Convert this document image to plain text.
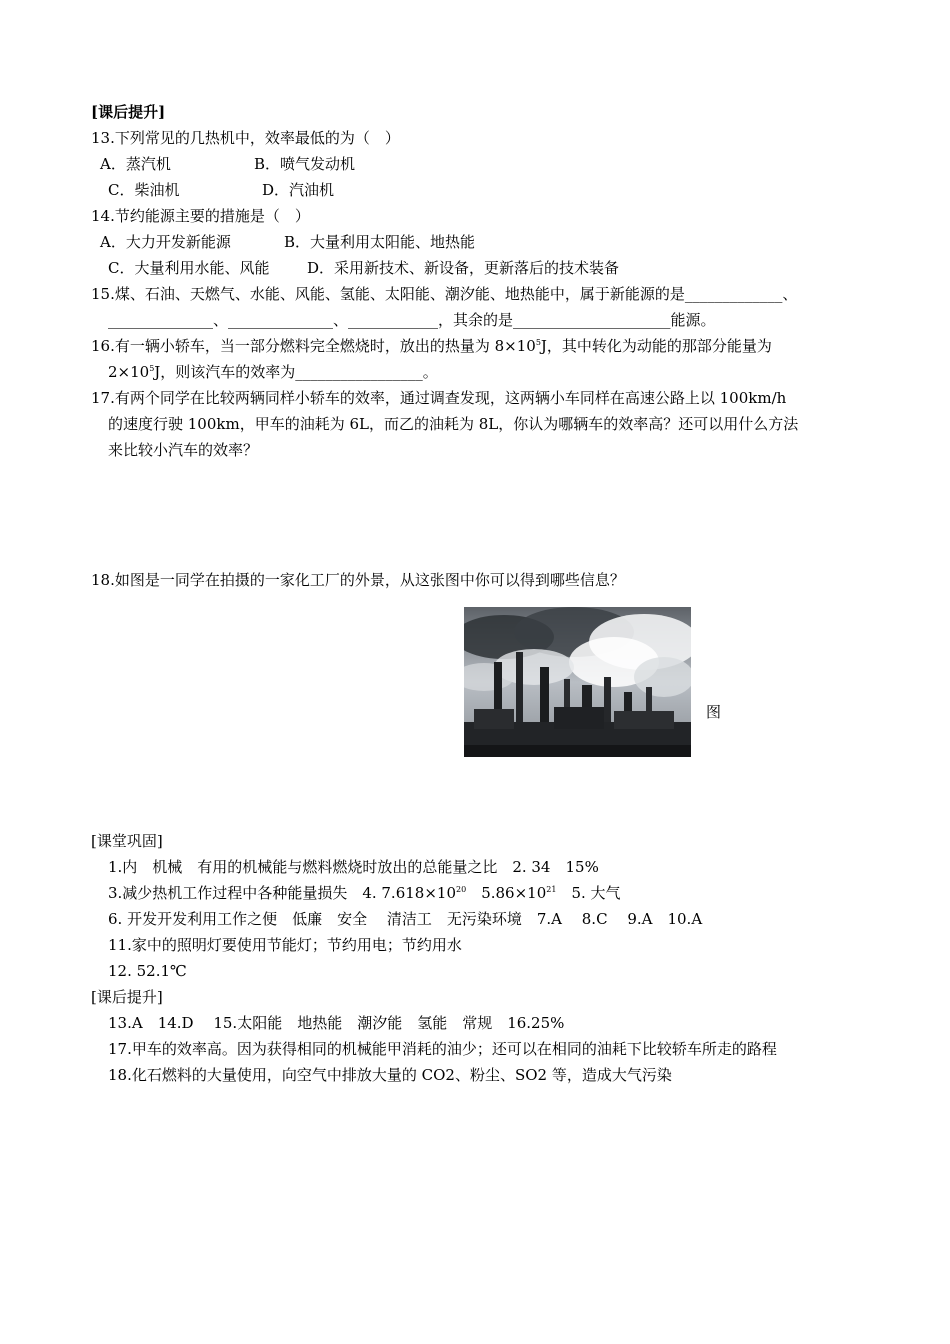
[课后提升]
13.下列常见的几热机中，效率最低的为（　）
A．蒸汽机	B．喷气发动机
C．柴油机	D．汽油机
14.节约能源主要的措施是（　）
A．大力开发新能源	B．大量利用太阳能、地热能
C．大量利用水能、风能	D．采用新技术、新设备，更新落后的技术装备
15.煤、石油、天燃气、水能、风能、氢能、太阳能、潮汐能、地热能中，属于新能源的是_____________、
______________、______________、____________，其余的是_____________________能源。
16.有一辆小轿车，当一部分燃料完全燃烧时，放出的热量为 $8\times 10^5J$，其中转化为动能的那部分能量为
$2\times 10^5J$，则该汽车的效率为_________________。
17.有两个同学在比较两辆同样小轿车的效率，通过调查发现，这两辆小车同样在高速公路上以 100km/h
的速度行驶 100km，甲车的油耗为 6L，而乙的油耗为 8L，你认为哪辆车的效率高？还可以用什么方法
来比较小汽车的效率？
18.如图是一同学在拍摄的一家化工厂的外景，从这张图中你可以得到哪些信息？
图
[课堂巩固]
1.内　机械　有用的机械能与燃料燃烧时放出的总能量之比　2. 34　15%
3.减少热机工作过程中各种能量损失　4. $7.618\times 10^{20}$　$5.86\times 10^{21}$　5. 大气
6. 开发开发利用工作之便　低廉　安全　 清洁工　无污染环境　7.A　 8.C　 9.A　10.A
11.家中的照明灯要使用节能灯；节约用电；节约用水
12. 52.1℃
[课后提升]
13.A　14.D　 15.太阳能　地热能　潮汐能　氢能　常规　16.25%
17.甲车的效率高。因为获得相同的机械能甲消耗的油少；还可以在相同的油耗下比较轿车所走的路程
18.化石燃料的大量使用，向空气中排放大量的 CO2、粉尘、SO2 等，造成大气污染
